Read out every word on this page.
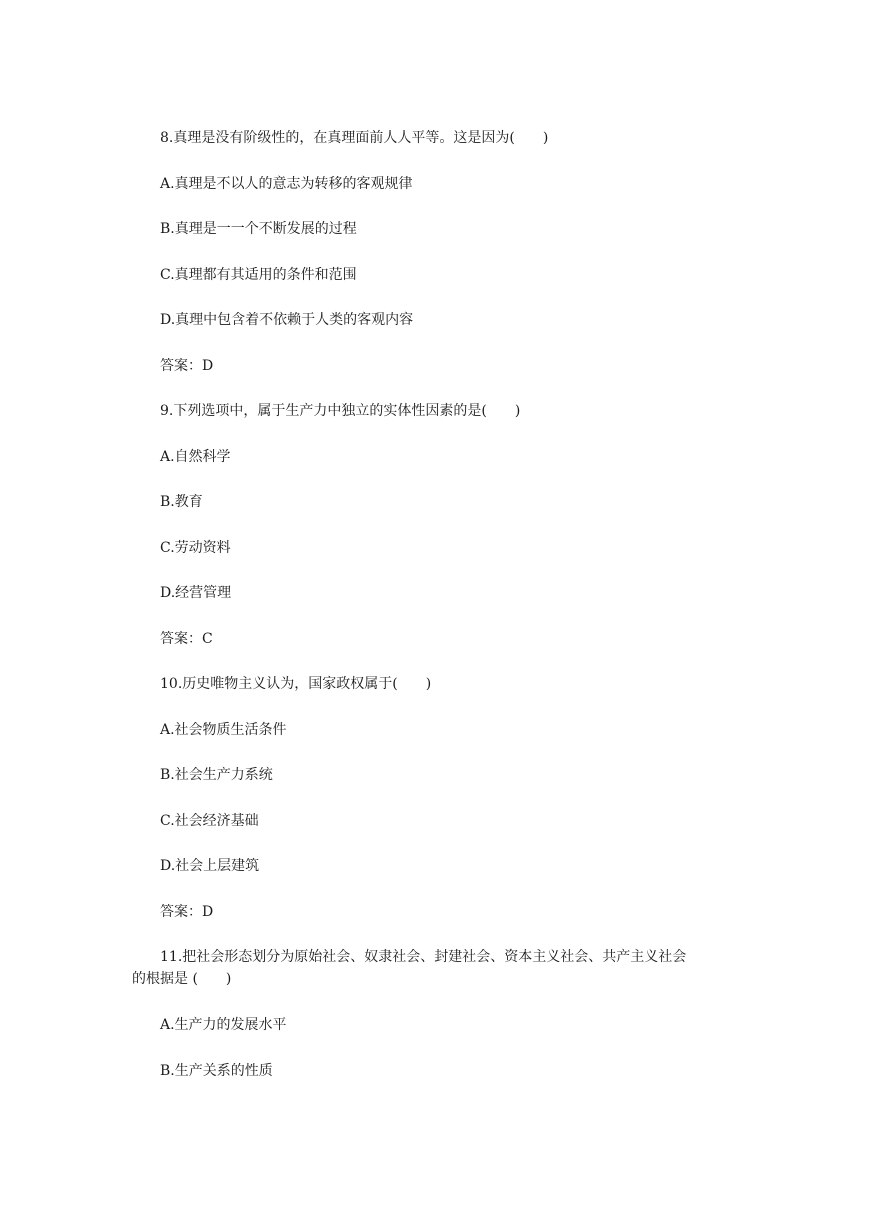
8.真理是没有阶级性的，在真理面前人人平等。这是因为(　　)
A.真理是不以人的意志为转移的客观规律
B.真理是一一个不断发展的过程
C.真理都有其适用的条件和范围
D.真理中包含着不依赖于人类的客观内容
答案：D
9.下列选项中，属于生产力中独立的实体性因素的是(　　)
A.自然科学
B.教育
C.劳动资料
D.经营管理
答案：C
10.历史唯物主义认为，国家政权属于(　　)
A.社会物质生活条件
B.社会生产力系统
C.社会经济基础
D.社会上层建筑
答案：D
11.把社会形态划分为原始社会、奴隶社会、封建社会、资本主义社会、共产主义社会
的根据是 (　　)
A.生产力的发展水平
B.生产关系的性质
